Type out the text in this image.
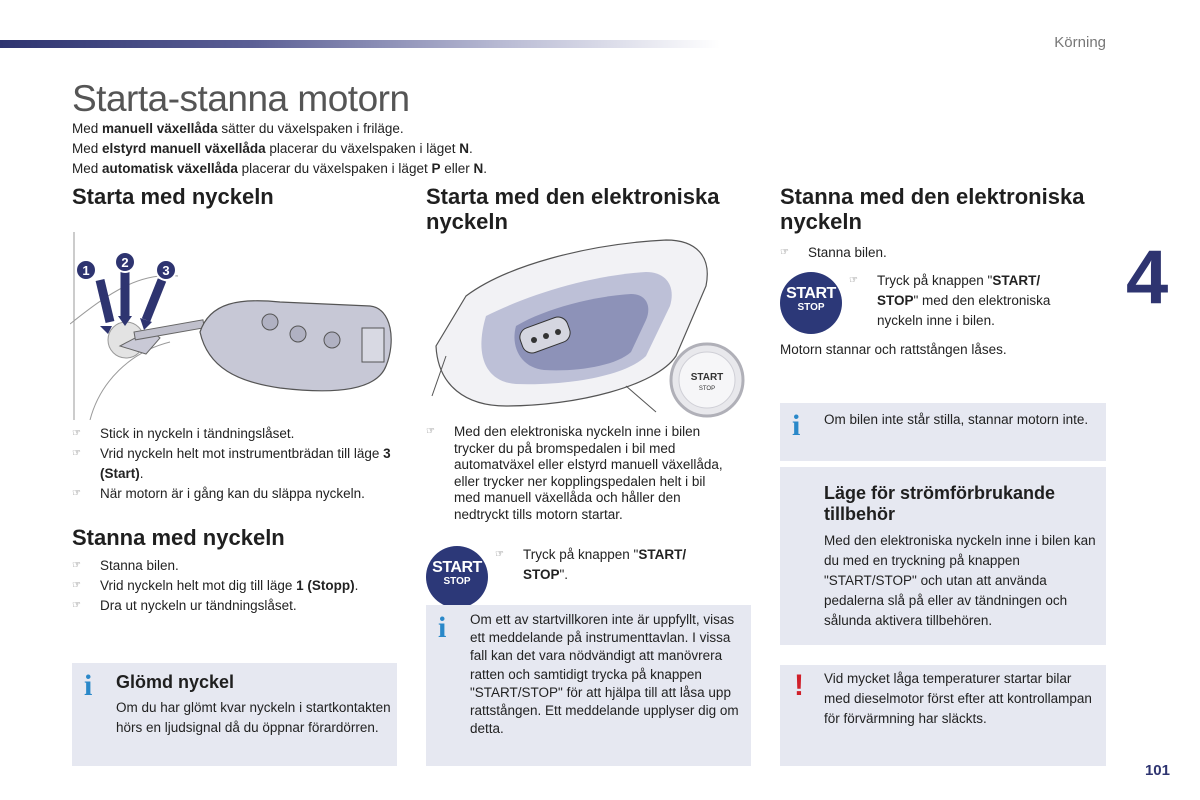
Körning
4
101
Starta-stanna motorn
Med manuell växellåda sätter du växelspaken i friläge.
Med elstyrd manuell växellåda placerar du växelspaken i läget N.
Med automatisk växellåda placerar du växelspaken i läget P eller N.
Starta med nyckeln
1
2
3
☞ Stick in nyckeln i tändningslåset.
☞ Vrid nyckeln helt mot instrumentbrädan till läge 3 (Start).
☞ När motorn är i gång kan du släppa nyckeln.
Stanna med nyckeln
☞ Stanna bilen.
☞ Vrid nyckeln helt mot dig till läge 1 (Stopp).
☞ Dra ut nyckeln ur tändningslåset.
i Glömd nyckel

Om du har glömt kvar nyckeln i startkontakten hörs en ljudsignal då du öppnar förardörren.

Starta med den elektroniska nyckeln
START
STOP
☞ Med den elektroniska nyckeln inne i bilen trycker du på bromspedalen i bil med automatväxel eller elstyrd manuell växellåda, eller trycker ner kopplingspedalen helt i bil med manuell växellåda och håller den nedtryckt tills motorn startar.
START
STOP
☞ Tryck på knappen "START/ STOP".
i Om ett av startvillkoren inte är uppfyllt, visas ett meddelande på instrumenttavlan. I vissa fall kan det vara nödvändigt att manövrera ratten och samtidigt trycka på knappen "START/STOP" för att hjälpa till att låsa upp rattstången. Ett meddelande upplyser dig om detta.

Stanna med den elektroniska nyckeln
☞ Stanna bilen.
START
STOP
☞ Tryck på knappen "START/ STOP" med den elektroniska nyckeln inne i bilen.

Motorn stannar och rattstången låses.

i Om bilen inte står stilla, stannar motorn inte.

Läge för strömförbrukande tillbehör

Med den elektroniska nyckeln inne i bilen kan du med en tryckning på knappen "START/STOP" och utan att använda pedalerna slå på eller av tändningen och sålunda aktivera tillbehören.

! Vid mycket låga temperaturer startar bilar med dieselmotor först efter att kontrollampan för förvärmning har släckts.
